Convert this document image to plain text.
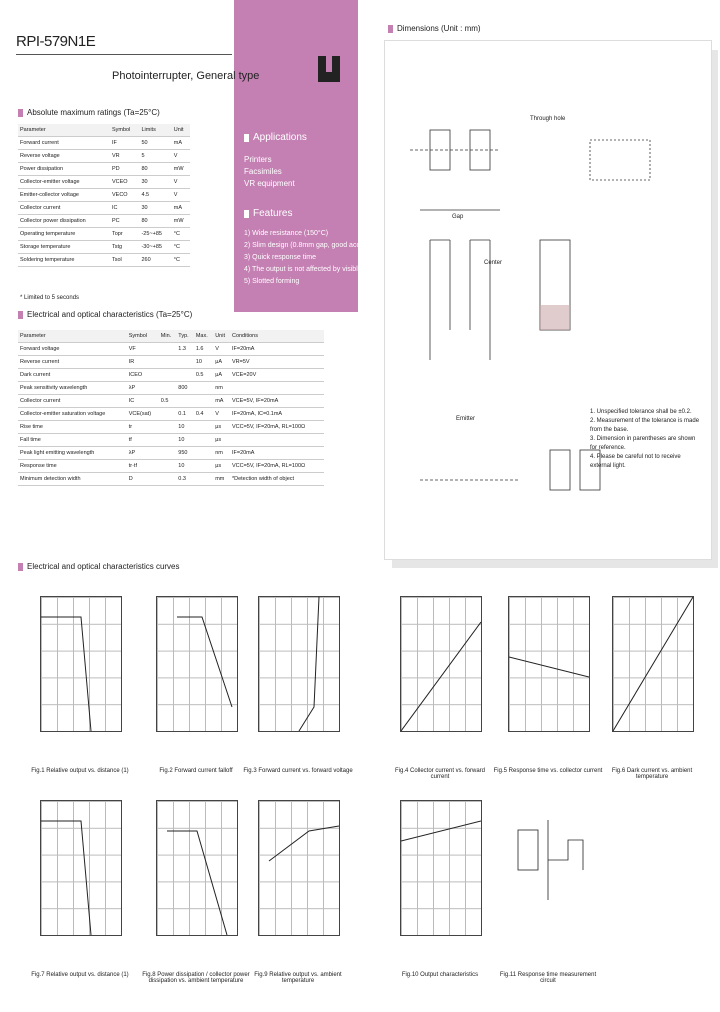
RPI-579N1E
Photointerrupter, General type
Absolute maximum ratings (Ta=25°C)
Parameter	Symbol	Limits	Unit
Forward current	IF	50	mA
Reverse voltage	VR	5	V
Power dissipation	PD	80	mW
Collector-emitter voltage	VCEO	30	V
Emitter-collector voltage	VECO	4.5	V
Collector current	IC	30	mA
Collector power dissipation	PC	80	mW
Operating temperature	Topr	-25~+85	°C
Storage temperature	Tstg	-30~+85	°C
Soldering temperature	Tsol	260	°C
* Limited to 5 seconds
Applications
Printers
Facsimiles
VR equipment
Features
1) Wide resistance (150°C)
2) Slim design (0.8mm gap, good accuracy)
3) Quick response time
4) The output is not affected by visible light
5) Slotted forming
Electrical and optical characteristics (Ta=25°C)
Parameter	Symbol	Min.	Typ.	Max.	Unit	Conditions
Forward voltage	VF		1.3	1.6	V	IF=20mA
Reverse current	IR			10	μA	VR=5V
Dark current	ICEO			0.5	μA	VCE=20V
Peak sensitivity wavelength	λP		800		nm	
Collector current	IC	0.5			mA	VCE=5V, IF=20mA
Collector-emitter saturation voltage	VCE(sat)		0.1	0.4	V	IF=20mA, IC=0.1mA
Rise time	tr		10		μs	VCC=5V, IF=20mA, RL=100Ω
Fall time	tf		10		μs	
Peak light emitting wavelength	λP		950		nm	IF=20mA
Response time	tr·tf		10		μs	VCC=5V, IF=20mA, RL=100Ω
Minimum detection width	D		0.3		mm	*Detection width of object
Dimensions (Unit : mm)
Through hole
Gap
Center
Emitter
1. Unspecified tolerance shall be ±0.2.
2. Measurement of the tolerance is made from the base.
3. Dimension in parentheses are shown for reference.
4. Please be careful not to receive external light.
Electrical and optical characteristics curves
Fig.1 Relative output vs. distance (1)	Fig.2 Forward current falloff	Fig.3 Forward current vs. forward voltage	Fig.4 Collector current vs. forward current
Fig.5 Response time vs. collector current	Fig.6 Dark current vs. ambient temperature
Fig.7 Relative output vs. distance (1)	Fig.8 Power dissipation / collector power dissipation vs. ambient temperature
Fig.9 Relative output vs. ambient temperature
Fig.10 Output characteristics	Fig.11 Response time measurement circuit
